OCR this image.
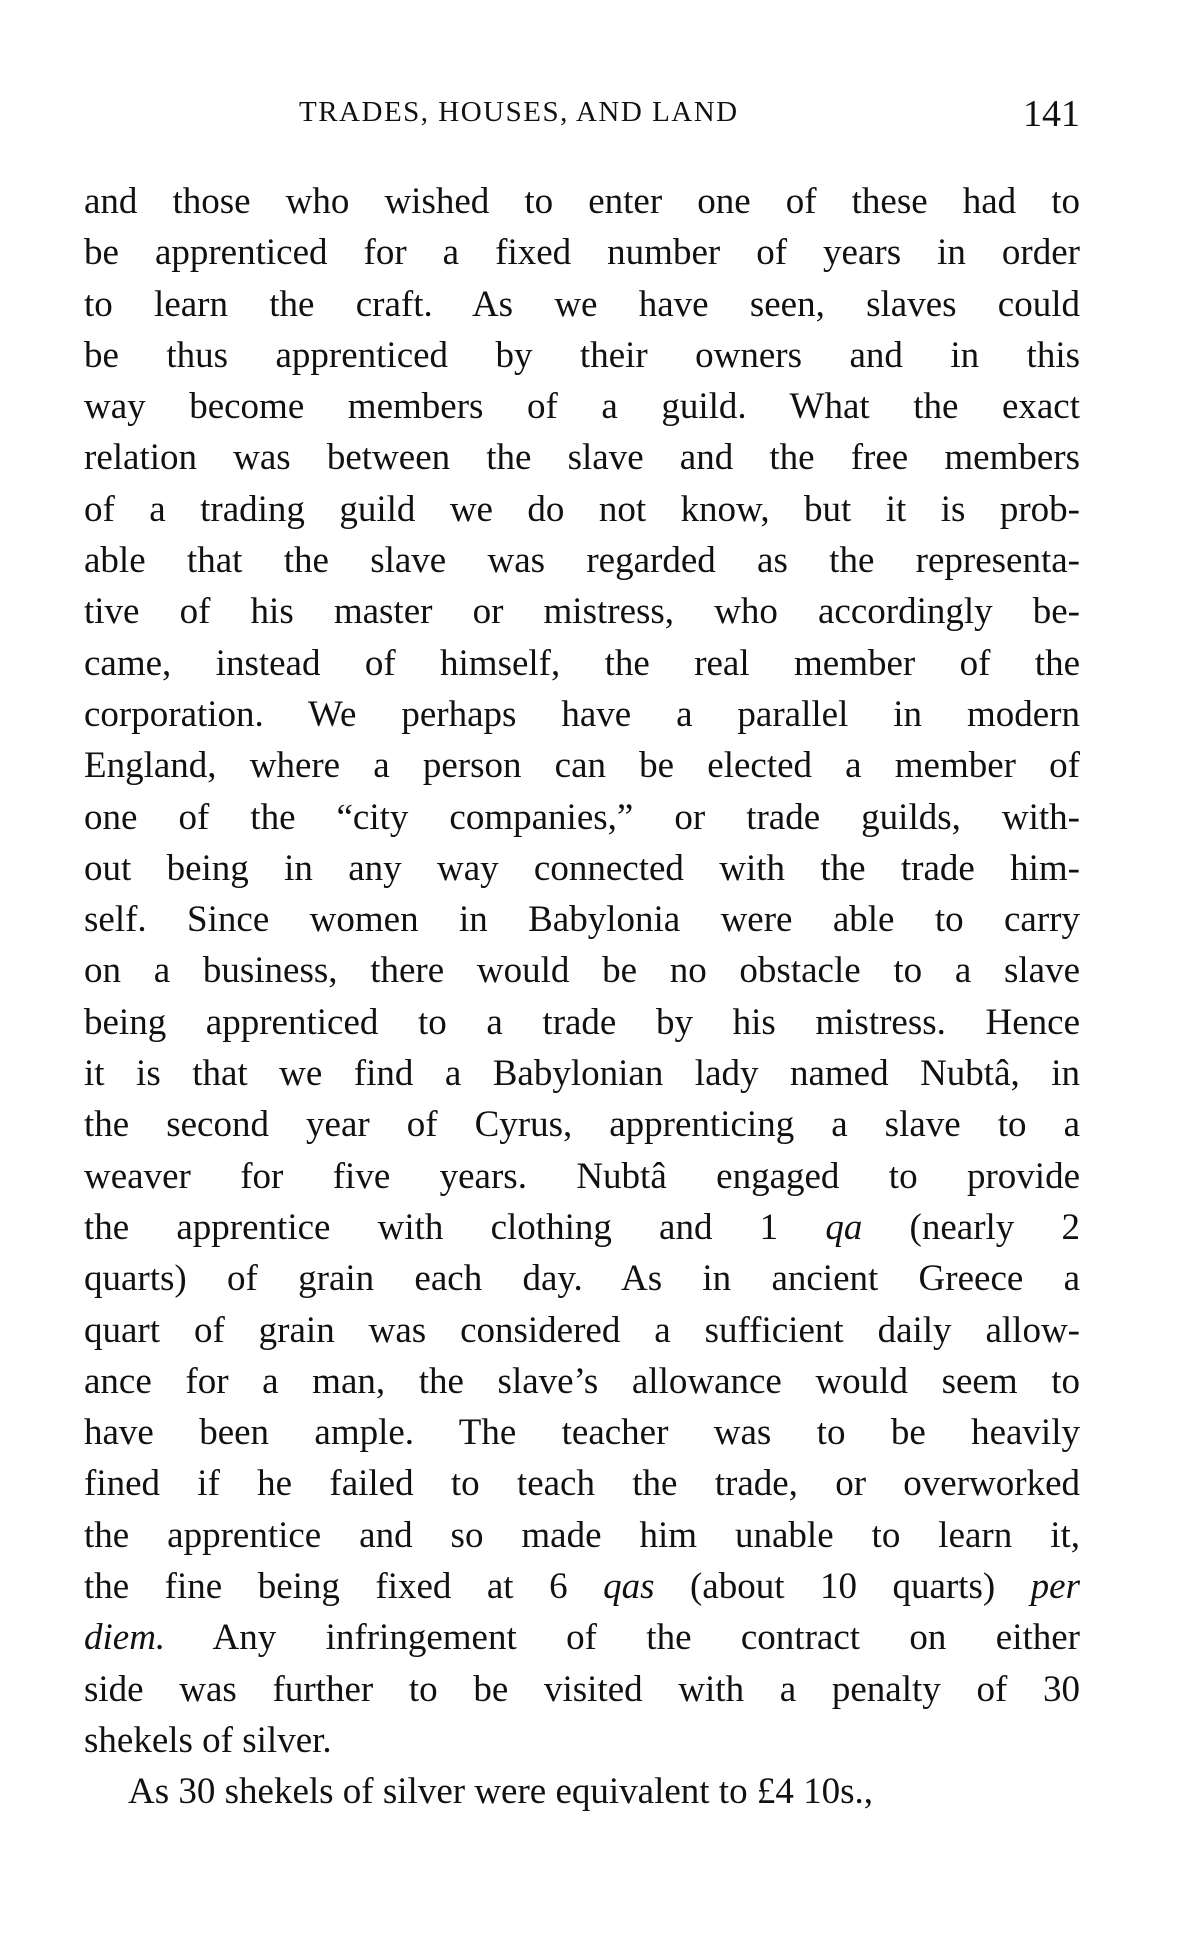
TRADES, HOUSES, AND LAND	141
and those who wished to enter one of these had to
be apprenticed for a fixed number of years in order
to learn the craft. As we have seen, slaves could
be thus apprenticed by their owners and in this
way become members of a guild. What the exact
relation was between the slave and the free members
of a trading guild we do not know, but it is prob-
able that the slave was regarded as the representa-
tive of his master or mistress, who accordingly be-
came, instead of himself, the real member of the
corporation. We perhaps have a parallel in modern
England, where a person can be elected a member of
one of the “city companies,” or trade guilds, with-
out being in any way connected with the trade him-
self. Since women in Babylonia were able to carry
on a business, there would be no obstacle to a slave
being apprenticed to a trade by his mistress. Hence
it is that we find a Babylonian lady named Nubtâ, in
the second year of Cyrus, apprenticing a slave to a
weaver for five years. Nubtâ engaged to provide
the apprentice with clothing and 1 qa (nearly 2
quarts) of grain each day. As in ancient Greece a
quart of grain was considered a sufficient daily allow-
ance for a man, the slave’s allowance would seem to
have been ample. The teacher was to be heavily
fined if he failed to teach the trade, or overworked
the apprentice and so made him unable to learn it,
the fine being fixed at 6 qas (about 10 quarts) per
diem. Any infringement of the contract on either
side was further to be visited with a penalty of 30
shekels of silver.
As 30 shekels of silver were equivalent to £4 10s.,
